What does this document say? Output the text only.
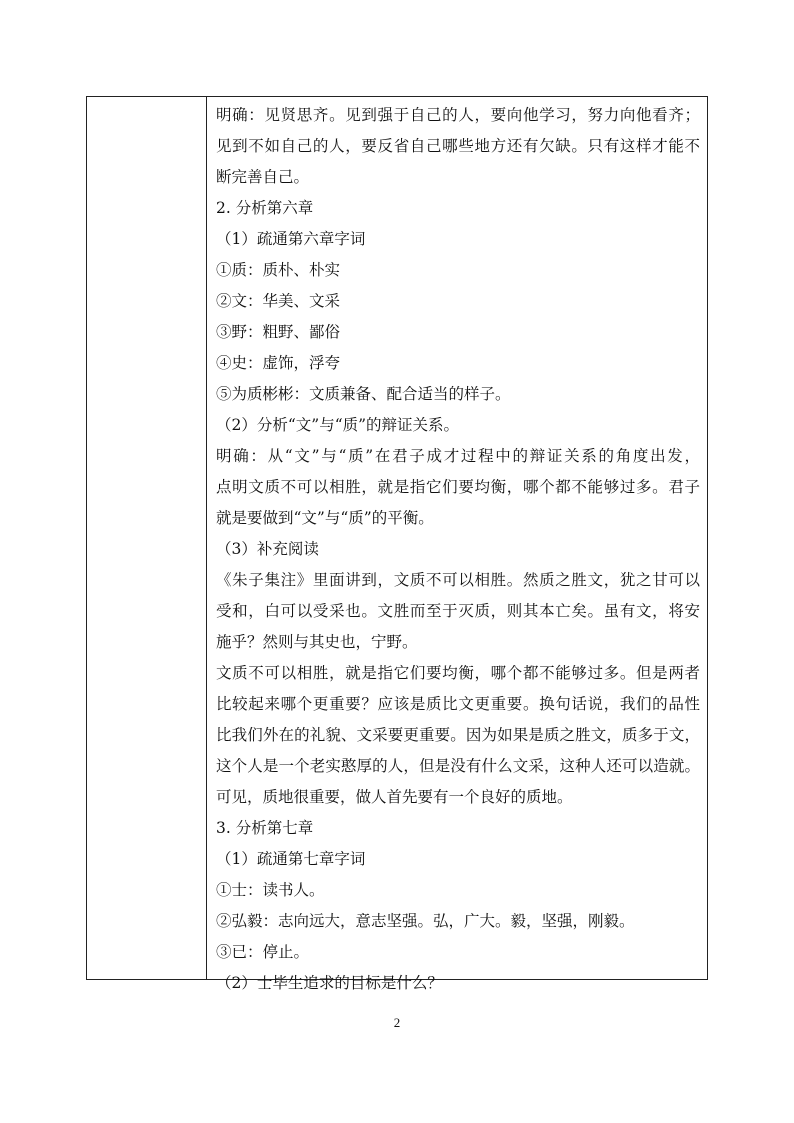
明确：见贤思齐。见到强于自己的人，要向他学习，努力向他看齐；
见到不如自己的人，要反省自己哪些地方还有欠缺。只有这样才能不
断完善自己。
2. 分析第六章
（1）疏通第六章字词
①质：质朴、朴实
②文：华美、文采
③野：粗野、鄙俗
④史：虚饰，浮夸
⑤为质彬彬：文质兼备、配合适当的样子。
（2）分析“文”与“质”的辩证关系。
明确：从“文”与“质”在君子成才过程中的辩证关系的角度出发，
点明文质不可以相胜，就是指它们要均衡，哪个都不能够过多。君子
就是要做到“文”与“质”的平衡。
（3）补充阅读
《朱子集注》里面讲到，文质不可以相胜。然质之胜文，犹之甘可以
受和，白可以受采也。文胜而至于灭质，则其本亡矣。虽有文，将安
施乎？然则与其史也，宁野。
文质不可以相胜，就是指它们要均衡，哪个都不能够过多。但是两者
比较起来哪个更重要？应该是质比文更重要。换句话说，我们的品性
比我们外在的礼貌、文采要更重要。因为如果是质之胜文，质多于文，
这个人是一个老实憨厚的人，但是没有什么文采，这种人还可以造就。
可见，质地很重要，做人首先要有一个良好的质地。
3. 分析第七章
（1）疏通第七章字词
①士：读书人。
②弘毅：志向远大，意志坚强。弘，广大。毅，坚强，刚毅。
③已：停止。
（2）士毕生追求的目标是什么？
2
